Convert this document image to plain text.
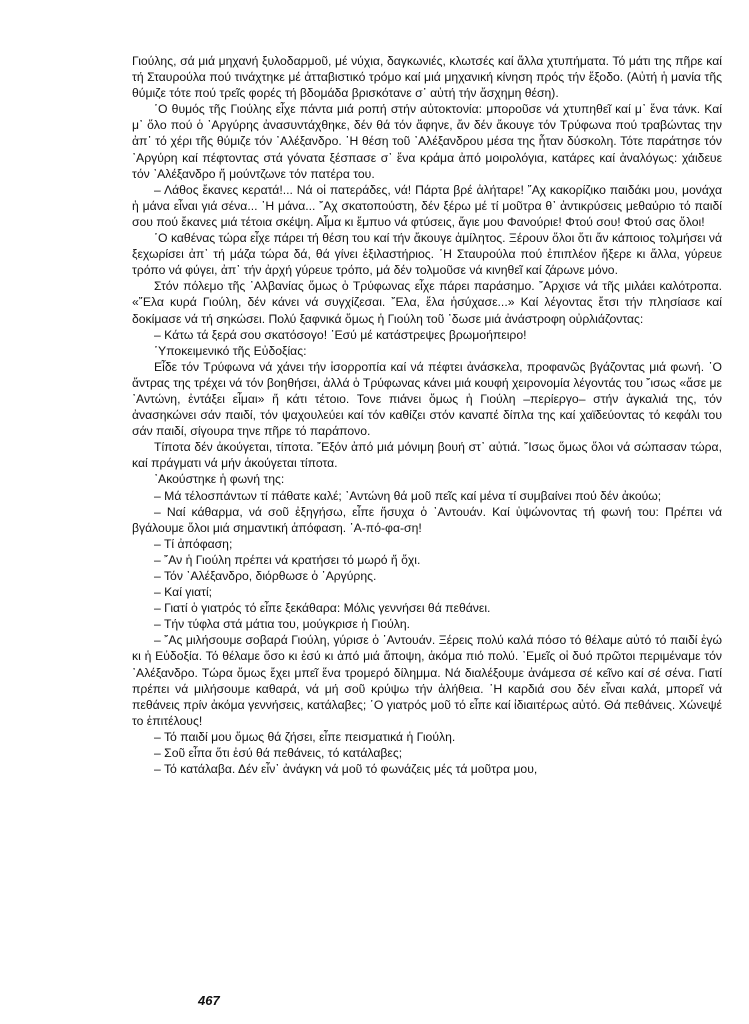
Γιούλης, σά μιά μηχανή ξυλοδαρμοῦ, μέ νύχια, δαγκωνιές, κλωτσές καί ἄλλα χτυπήματα. Τό μάτι της πῆρε καί τή Σταυρούλα πού τινάχτηκε μέ ἀτταβιστικό τρόμο καί μιά μηχανική κίνηση πρός τήν ἔξοδο. (Αὐτή ἡ μανία τῆς θύμιζε τότε πού τρεῖς φορές τή βδομάδα βρισκότανε σ᾿ αὐτή τήν ἄσχημη θέση).

῾Ο θυμός τῆς Γιούλης εἶχε πάντα μιά ροπή στήν αὐτοκτονία: μποροῦσε νά χτυπηθεῖ καί μ᾿ ἕνα τάνκ. Καί μ᾿ ὅλο πού ὁ ᾿Αργύρης ἀνασυντάχθηκε, δέν θά τόν ἄφηνε, ἄν δέν ἄκουγε τόν Τρύφωνα πού τραβώντας την ἀπ᾿ τό χέρι τῆς θύμιζε τόν ᾿Αλέξανδρο. ῾Η θέση τοῦ ᾿Αλέξανδρου μέσα της ἦταν δύσκολη. Τότε παράτησε τόν ᾿Αργύρη καί πέφτοντας στά γόνατα ξέσπασε σ᾿ ἕνα κράμα ἀπό μοιρολόγια, κατάρες καί ἀναλόγως: χάιδευε τόν ᾿Αλέξανδρο ἤ μούντζωνε τόν πατέρα του.

– Λάθος ἔκανες κερατά!... Νά οἱ πατεράδες, νά! Πάρτα βρέ ἀλήταρε! ῎Αχ κακορίζικο παιδάκι μου, μονάχα ἡ μάνα εἶναι γιά σένα... ῾Η μάνα... ῎Αχ σκατοπούστη, δέν ξέρω μέ τί μοῦτρα θ᾿ ἀντικρύσεις μεθαύριο τό παιδί σου πού ἔκανες μιά τέτοια σκέψη. Αἷμα κι ἔμπυο νά φτύσεις, ἄγιε μου Φανούριε! Φτού σου! Φτού σας ὅλοι!

῾Ο καθένας τώρα εἶχε πάρει τή θέση του καί τήν ἄκουγε ἀμίλητος. Ξέρουν ὅλοι ὅτι ἄν κάποιος τολμήσει νά ξεχωρίσει ἀπ᾿ τή μάζα τώρα δά, θά γίνει ἐξιλαστήριος. ῾Η Σταυρούλα πού ἐπιπλέον ἤξερε κι ἄλλα, γύρευε τρόπο νά φύγει, ἀπ᾿ τήν ἀρχή γύρευε τρόπο, μά δέν τολμοῦσε νά κινηθεῖ καί ζάρωνε μόνο.

Στόν πόλεμο τῆς ᾿Αλβανίας ὅμως ὁ Τρύφωνας εἶχε πάρει παράσημο. ῎Αρχισε νά τῆς μιλάει καλότροπα. «῎Ελα κυρά Γιούλη, δέν κάνει νά συγχίζεσαι. ῎Ελα, ἔλα ἡσύχασε...» Καί λέγοντας ἔτσι τήν πλησίασε καί δοκίμασε νά τή σηκώσει. Πολύ ξαφνικά ὅμως ἡ Γιούλη τοῦ ᾿δωσε μιά ἀνάστροφη οὐρλιάζοντας:

– Κάτω τά ξερά σου σκατόσογο! ᾿Εσύ μέ κατάστρεψες βρωμοήπειρο!

῾Υποκειμενικό τῆς Εὐδοξίας:

Εἶδε τόν Τρύφωνα νά χάνει τήν ἰσορροπία καί νά πέφτει ἀνάσκελα, προφανῶς βγάζοντας μιά φωνή. ῾Ο ἄντρας της τρέχει νά τόν βοηθήσει, ἀλλά ὁ Τρύφωνας κάνει μιά κουφή χειρονομία λέγοντάς του ῎ισως «ἄσε με ᾿Αντώνη, ἐντάξει εἶμαι» ἤ κάτι τέτοιο. Τονε πιάνει ὅμως ἡ Γιούλη –περίεργο– στήν ἀγκαλιά της, τόν ἀνασηκώνει σάν παιδί, τόν ψαχουλεύει καί τόν καθίζει στόν καναπέ δίπλα της καί χαϊδεύοντας τό κεφάλι του σάν παιδί, σίγουρα τηνε πῆρε τό παράπονο.

Τίποτα δέν ἀκούγεται, τίποτα. ῎Εξόν ἀπό μιά μόνιμη βουή στ᾿ αὐτιά. ῎Ισως ὅμως ὅλοι νά σώπασαν τώρα, καί πράγματι νά μήν ἀκούγεται τίποτα.

᾿Ακούστηκε ἡ φωνή της:

– Μά τέλοσπάντων τί πάθατε καλέ; ᾿Αντώνη θά μοῦ πεῖς καί μένα τί συμβαίνει πού δέν ἀκούω;

– Ναί κάθαρμα, νά σοῦ ἐξηγήσω, εἶπε ἥσυχα ὁ ᾿Αντουάν. Καί ὑψώνοντας τή φωνή του: Πρέπει νά βγάλουμε ὅλοι μιά σημαντική ἀπόφαση. ᾿Α-πό-φα-ση!

– Τί ἀπόφαση;

– ῎Αν ἡ Γιούλη πρέπει νά κρατήσει τό μωρό ἤ ὄχι.

– Τόν ᾿Αλέξανδρο, διόρθωσε ὁ ᾿Αργύρης.

– Καί γιατί;

– Γιατί ὁ γιατρός τό εἶπε ξεκάθαρα: Μόλις γεννήσει θά πεθάνει.

– Τήν τύφλα στά μάτια του, μούγκρισε ἡ Γιούλη.

– ῎Ας μιλήσουμε σοβαρά Γιούλη, γύρισε ὁ ᾿Αντουάν. Ξέρεις πολύ καλά πόσο τό θέλαμε αὐτό τό παιδί ἐγώ κι ἡ Εὐδοξία. Τό θέλαμε ὅσο κι ἐσύ κι ἀπό μιά ἄποψη, ἀκόμα πιό πολύ. ᾿Εμεῖς οἱ δυό πρῶτοι περιμέναμε τόν ᾿Αλέξανδρο. Τώρα ὅμως ἔχει μπεῖ ἕνα τρομερό δίλημμα. Νά διαλέξουμε ἀνάμεσα σέ κεῖνο καί σέ σένα. Γιατί πρέπει νά μιλήσουμε καθαρά, νά μή σοῦ κρύψω τήν ἀλήθεια. ῾Η καρδιά σου δέν εἶναι καλά, μπορεῖ νά πεθάνεις πρίν ἀκόμα γεννήσεις, κατάλαβες; ῾Ο γιατρός μοῦ τό εἶπε καί ἰδιαιτέρως αὐτό. Θά πεθάνεις. Χώνεψέ το ἐπιτέλους!

– Τό παιδί μου ὅμως θά ζήσει, εἶπε πεισματικά ἡ Γιούλη.

– Σοῦ εἶπα ὅτι ἐσύ θά πεθάνεις, τό κατάλαβες;

– Τό κατάλαβα. Δέν εἶν᾿ ἀνάγκη νά μοῦ τό φωνάζεις μές τά μοῦτρα μου,

467
